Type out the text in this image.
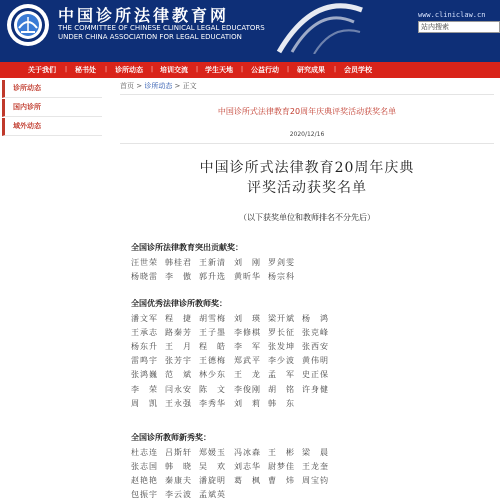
中国诊所法律教育网
THE COMMITTEE OF CHINESE CLINICAL LEGAL EDUCATORS
UNDER CHINA ASSOCIATION FOR LEGAL EDUCATION
www.cliniclaw.cn
站内搜索
关于我们 | 秘书处 | 诊所动态 | 培训交流 | 学生天地 | 公益行动 | 研究成果 | 会员学校
诊所动态
国内诊所
域外动态
首页 > 诊所动态 > 正文
中国诊所式法律教育20周年庆典评奖活动获奖名单
2020/12/16
中国诊所式法律教育20周年庆典
评奖活动获奖名单
（以下获奖单位和教师排名不分先后）
全国诊所法律教育突出贡献奖：
汪世荣 韩桂君 王新清 刘　刚 罗剑雯
杨晓雷 李　傲 郭升选 黄昕华 杨宗科
全国优秀法律诊所教师奖：
潘文军 程　捷 胡雪梅 刘　瑛 梁开斌 杨　鸿
王承志 路秦芳 王子墨 李修棋 罗长征 张克峰
杨东升 王　月 程　皓 李　军 张发坤 张西安
雷鸣宇 张芳宇 王德梅 郑武平 李少波 黄伟明
张鸿巍 范　斌 林少东 王　龙 孟　军 史正保
李　荣 闫永安 陈　文 李俊刚 胡　铭 许身健
周　凯 王永强 李秀华 刘　莉 韩　东
全国诊所教师新秀奖：
杜志连 吕斯轩 郑媛玉 冯冰森 王　彬 梁　晨
张志国 韩　晓 吴　欢 刘志华 尉梦佳 王龙奎
赵艳艳 秦康夫 潘旋明 葛　枫 曹　炜 周宝钧
包振宇 李云波 孟斌英
